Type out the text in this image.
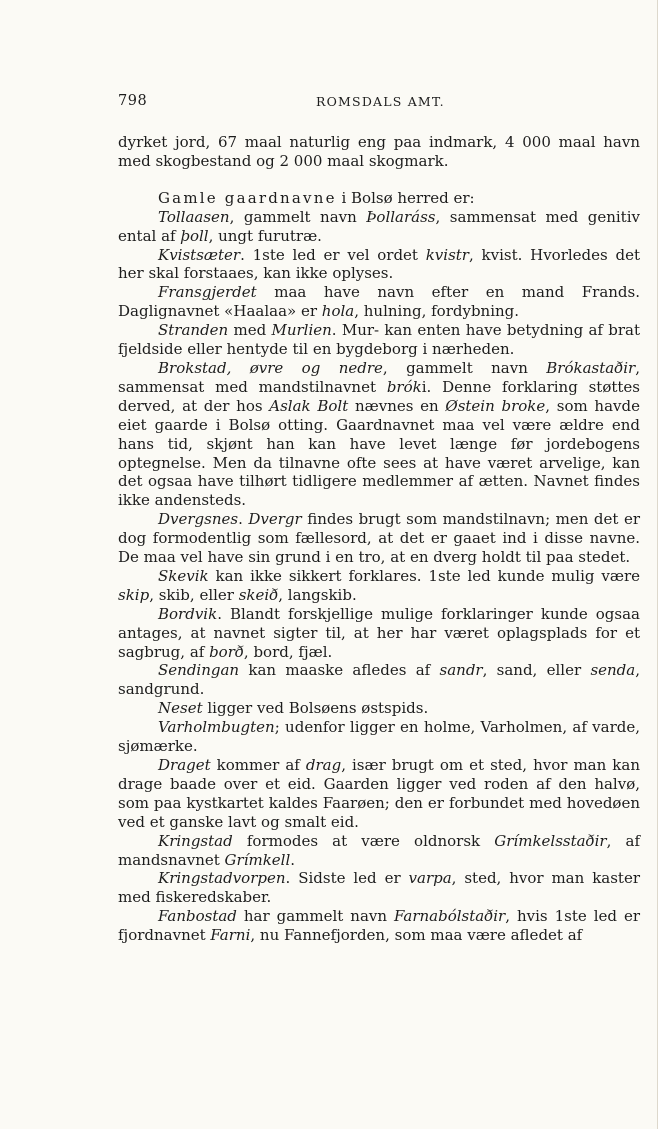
798	ROMSDALS AMT.

dyrket jord, 67 maal naturlig eng paa indmark, 4 000 maal havn med skogbestand og 2 000 maal skogmark.

Gamle gaardnavne i Bolsø herred er:

Tollaasen, gammelt navn Þollaráss, sammensat med genitiv ental af þoll, ungt furutræ.

Kvistsæter. 1ste led er vel ordet kvistr, kvist. Hvorledes det her skal forstaaes, kan ikke oplyses.

Fransgjerdet maa have navn efter en mand Frands. Daglignavnet «Haalaa» er hola, hulning, fordybning.

Stranden med Murlien. Mur- kan enten have betydning af brat fjeldside eller hentyde til en bygdeborg i nærheden.

Brokstad, øvre og nedre, gammelt navn Brókastaðir, sammensat med mandstilnavnet bróki. Denne forklaring støttes derved, at der hos Aslak Bolt nævnes en Østein broke, som havde eiet gaarde i Bolsø otting. Gaardnavnet maa vel være ældre end hans tid, skjønt han kan have levet længe før jordebogens optegnelse. Men da tilnavne ofte sees at have været arvelige, kan det ogsaa have tilhørt tidligere medlemmer af ætten. Navnet findes ikke andensteds.

Dvergsnes. Dvergr findes brugt som mandstilnavn; men det er dog formodentlig som fællesord, at det er gaaet ind i disse navne. De maa vel have sin grund i en tro, at en dverg holdt til paa stedet.

Skevik kan ikke sikkert forklares. 1ste led kunde mulig være skip, skib, eller skeið, langskib.

Bordvik. Blandt forskjellige mulige forklaringer kunde ogsaa antages, at navnet sigter til, at her har været oplagsplads for et sagbrug, af borð, bord, fjæl.

Sendingan kan maaske afledes af sandr, sand, eller senda, sandgrund.

Neset ligger ved Bolsøens østspids.

Varholmbugten; udenfor ligger en holme, Varholmen, af varde, sjømærke.

Draget kommer af drag, især brugt om et sted, hvor man kan drage baade over et eid. Gaarden ligger ved roden af den halvø, som paa kystkartet kaldes Faarøen; den er forbundet med hovedøen ved et ganske lavt og smalt eid.

Kringstad formodes at være oldnorsk Grímkelsstaðir, af mandsnavnet Grímkell.

Kringstadvorpen. Sidste led er varpa, sted, hvor man kaster med fiskeredskaber.

Fanbostad har gammelt navn Farnabólstaðir, hvis 1ste led er fjordnavnet Farni, nu Fannefjorden, som maa være afledet af
